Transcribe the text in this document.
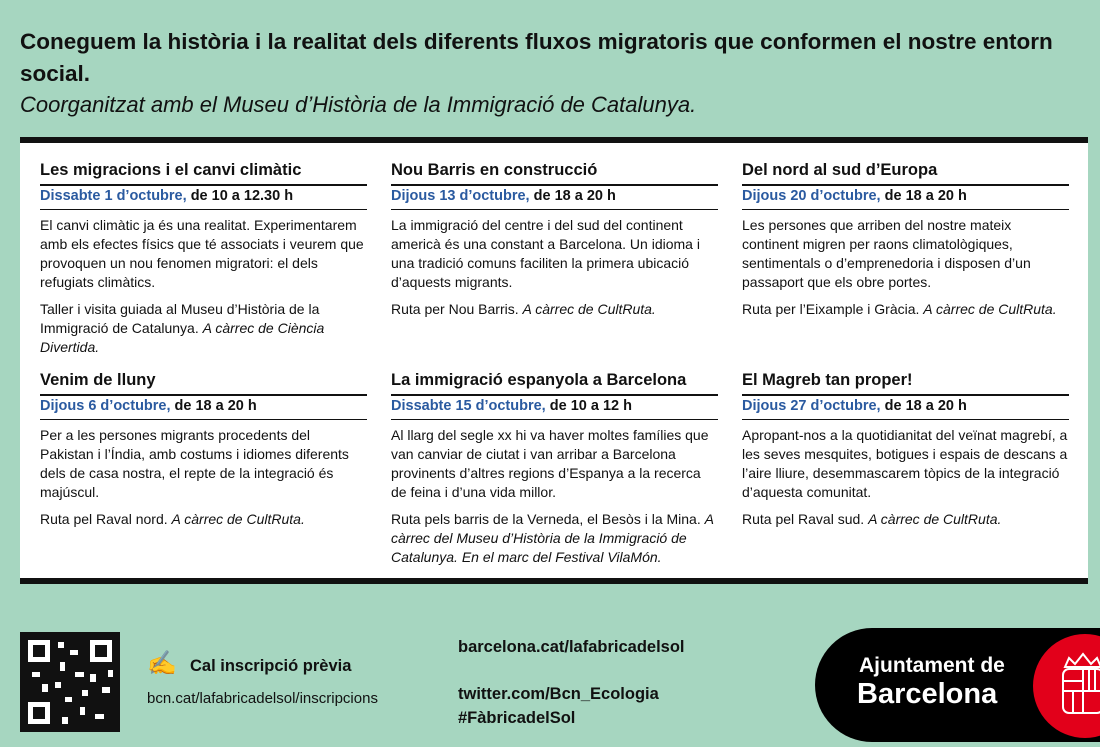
Coneguem la història i la realitat dels diferents fluxos migratoris que conformen el nostre entorn social.

Coorganitzat amb el Museu d’Història de la Immigració de Catalunya.

Les migracions i el canvi climàtic
Dissabte 1 d’octubre, de 10 a 12.30 h

El canvi climàtic ja és una realitat. Experimentarem amb els efectes físics que té associats i veurem que provoquen un nou fenomen migratori: el dels refugiats climàtics.

Taller i visita guiada al Museu d’Història de la Immigració de Catalunya. A càrrec de Ciència Divertida.

Nou Barris en construcció
Dijous 13 d’octubre, de 18 a 20 h

La immigració del centre i del sud del continent americà és una constant a Barcelona. Un idioma i una tradició comuns faciliten la primera ubicació d’aquests migrants.

Ruta per Nou Barris. A càrrec de CultRuta.

Del nord al sud d’Europa
Dijous 20 d’octubre, de 18 a 20 h

Les persones que arriben del nostre mateix continent migren per raons climatològiques, sentimentals o d’emprenedoria i disposen d’un passaport que els obre portes.

Ruta per l’Eixample i Gràcia. A càrrec de CultRuta.

Venim de lluny
Dijous 6 d’octubre, de 18 a 20 h

Per a les persones migrants procedents del Pakistan i l’Índia, amb costums i idiomes diferents dels de casa nostra, el repte de la integració és majúscul.

Ruta pel Raval nord. A càrrec de CultRuta.

La immigració espanyola a Barcelona
Dissabte 15 d’octubre, de 10 a 12 h

Al llarg del segle xx hi va haver moltes famílies que van canviar de ciutat i van arribar a Barcelona provinents d’altres regions d’Espanya a la recerca de feina i d’una vida millor.

Ruta pels barris de la Verneda, el Besòs i la Mina. A càrrec del Museu d’Història de la Immigració de Catalunya. En el marc del Festival VilaMón.

El Magreb tan proper!
Dijous 27 d’octubre, de 18 a 20 h

Apropant-nos a la quotidianitat del veïnat magrebí, a les seves mesquites, botigues i espais de descans a l’aire lliure, desemmascarem tòpics de la integració d’aquesta comunitat.

Ruta pel Raval sud. A càrrec de CultRuta.

✍ Cal inscripció prèvia
bcn.cat/lafabricadelsol/inscripcions
barcelona.cat/lafabricadelsol
twitter.com/Bcn_Ecologia
#FàbricadelSol
Ajuntament de
Barcelona
